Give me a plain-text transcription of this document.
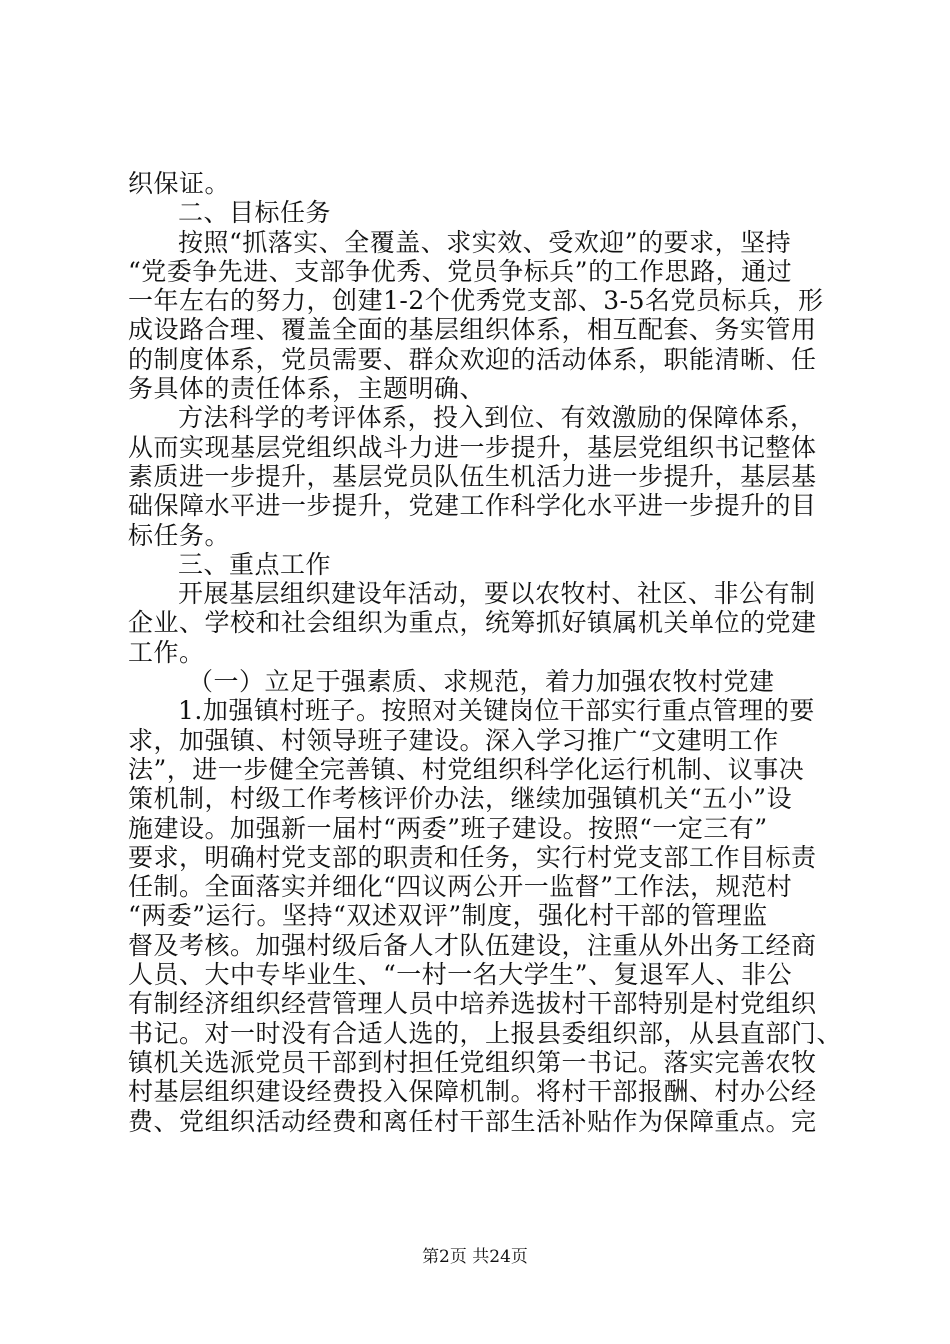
织保证。
二、目标任务
按照“抓落实、全覆盖、求实效、受欢迎”的要求，坚持
“党委争先进、支部争优秀、党员争标兵”的工作思路，通过
一年左右的努力，创建1-2个优秀党支部、3-5名党员标兵，形
成设路合理、覆盖全面的基层组织体系，相互配套、务实管用
的制度体系，党员需要、群众欢迎的活动体系，职能清晰、任
务具体的责任体系，主题明确、
方法科学的考评体系，投入到位、有效激励的保障体系，
从而实现基层党组织战斗力进一步提升，基层党组织书记整体
素质进一步提升，基层党员队伍生机活力进一步提升，基层基
础保障水平进一步提升，党建工作科学化水平进一步提升的目
标任务。
三、重点工作
开展基层组织建设年活动，要以农牧村、社区、非公有制
企业、学校和社会组织为重点，统筹抓好镇属机关单位的党建
工作。
（一）立足于强素质、求规范，着力加强农牧村党建
1.加强镇村班子。按照对关键岗位干部实行重点管理的要
求，加强镇、村领导班子建设。深入学习推广“文建明工作
法”，进一步健全完善镇、村党组织科学化运行机制、议事决
策机制，村级工作考核评价办法，继续加强镇机关“五小”设
施建设。加强新一届村“两委”班子建设。按照“一定三有”
要求，明确村党支部的职责和任务，实行村党支部工作目标责
任制。全面落实并细化“四议两公开一监督”工作法，规范村
“两委”运行。坚持“双述双评”制度，强化村干部的管理监
督及考核。加强村级后备人才队伍建设，注重从外出务工经商
人员、大中专毕业生、“一村一名大学生”、复退军人、非公
有制经济组织经营管理人员中培养选拔村干部特别是村党组织
书记。对一时没有合适人选的，上报县委组织部，从县直部门、
镇机关选派党员干部到村担任党组织第一书记。落实完善农牧
村基层组织建设经费投入保障机制。将村干部报酬、村办公经
费、党组织活动经费和离任村干部生活补贴作为保障重点。完
第2页 共24页
